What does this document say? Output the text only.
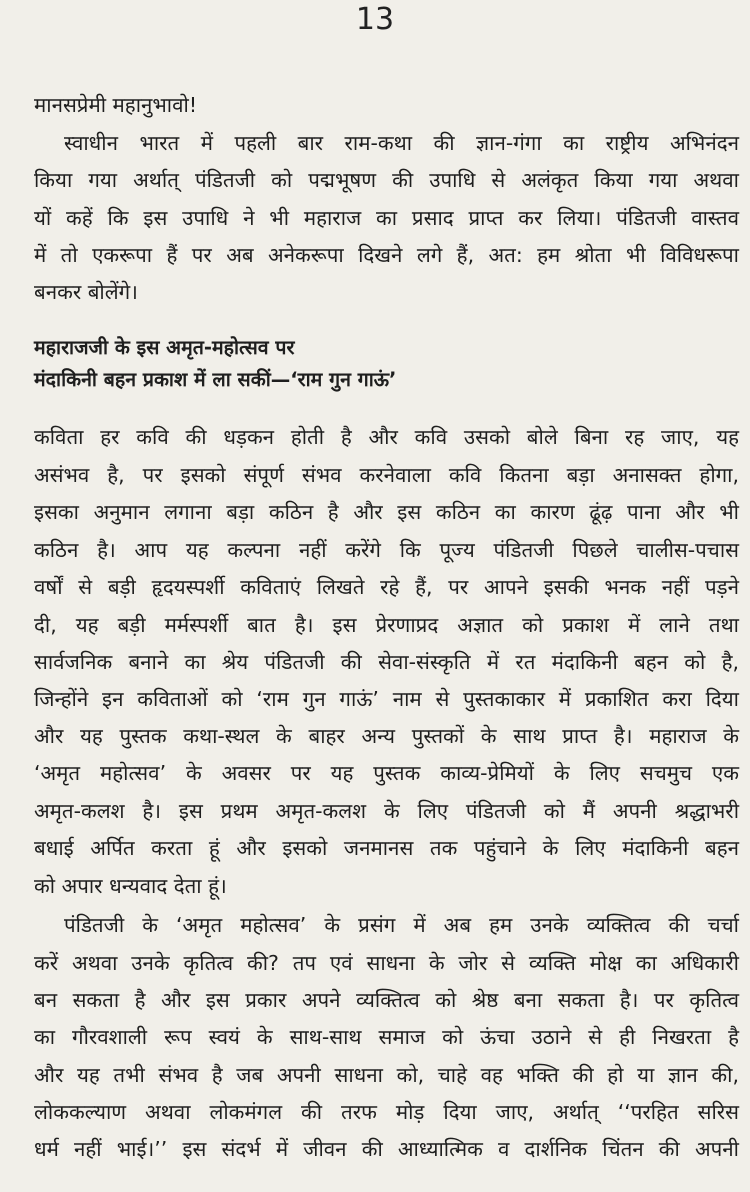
13
मानसप्रेमी महानुभावो!
स्वाधीन भारत में पहली बार राम-कथा की ज्ञान-गंगा का राष्ट्रीय अभिनंदन
किया गया अर्थात् पंडितजी को पद्मभूषण की उपाधि से अलंकृत किया गया अथवा
यों कहें कि इस उपाधि ने भी महाराज का प्रसाद प्राप्त कर लिया। पंडितजी वास्तव
में तो एकरूपा हैं पर अब अनेकरूपा दिखने लगे हैं, अत: हम श्रोता भी विविधरूपा
बनकर बोलेंगे।
महाराजजी के इस अमृत-महोत्सव पर
मंदाकिनी बहन प्रकाश में ला सकीं—‘राम गुन गाऊं’
कविता हर कवि की धड़कन होती है और कवि उसको बोले बिना रह जाए, यह
असंभव है, पर इसको संपूर्ण संभव करनेवाला कवि कितना बड़ा अनासक्त होगा,
इसका अनुमान लगाना बड़ा कठिन है और इस कठिन का कारण ढूंढ़ पाना और भी
कठिन है। आप यह कल्पना नहीं करेंगे कि पूज्य पंडितजी पिछले चालीस-पचास
वर्षों से बड़ी हृदयस्पर्शी कविताएं लिखते रहे हैं, पर आपने इसकी भनक नहीं पड़ने
दी, यह बड़ी मर्मस्पर्शी बात है। इस प्रेरणाप्रद अज्ञात को प्रकाश में लाने तथा
सार्वजनिक बनाने का श्रेय पंडितजी की सेवा-संस्कृति में रत मंदाकिनी बहन को है,
जिन्होंने इन कविताओं को ‘राम गुन गाऊं’ नाम से पुस्तकाकार में प्रकाशित करा दिया
और यह पुस्तक कथा-स्थल के बाहर अन्य पुस्तकों के साथ प्राप्त है। महाराज के
‘अमृत महोत्सव’ के अवसर पर यह पुस्तक काव्य-प्रेमियों के लिए सचमुच एक
अमृत-कलश है। इस प्रथम अमृत-कलश के लिए पंडितजी को मैं अपनी श्रद्धाभरी
बधाई अर्पित करता हूं और इसको जनमानस तक पहुंचाने के लिए मंदाकिनी बहन
को अपार धन्यवाद देता हूं।
पंडितजी के ‘अमृत महोत्सव’ के प्रसंग में अब हम उनके व्यक्तित्व की चर्चा
करें अथवा उनके कृतित्व की? तप एवं साधना के जोर से व्यक्ति मोक्ष का अधिकारी
बन सकता है और इस प्रकार अपने व्यक्तित्व को श्रेष्ठ बना सकता है। पर कृतित्व
का गौरवशाली रूप स्वयं के साथ-साथ समाज को ऊंचा उठाने से ही निखरता है
और यह तभी संभव है जब अपनी साधना को, चाहे वह भक्ति की हो या ज्ञान की,
लोककल्याण अथवा लोकमंगल की तरफ मोड़ दिया जाए, अर्थात् ‘‘परहित सरिस
धर्म नहीं भाई।’’ इस संदर्भ में जीवन की आध्यात्मिक व दार्शनिक चिंतन की अपनी
